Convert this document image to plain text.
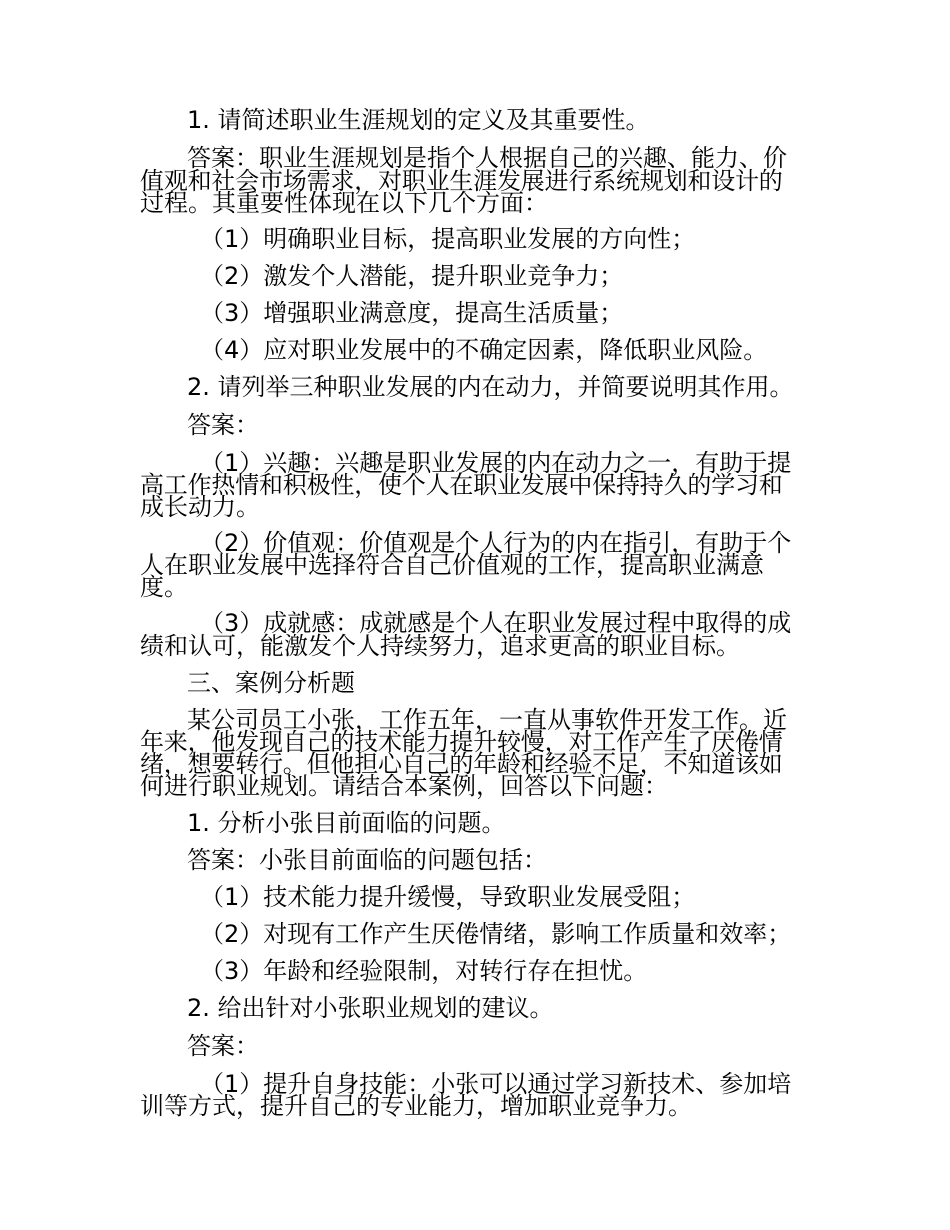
1. 请简述职业生涯规划的定义及其重要性。

答案：职业生涯规划是指个人根据自己的兴趣、能力、价

值观和社会市场需求，对职业生涯发展进行系统规划和设计的

过程。其重要性体现在以下几个方面：

（1）明确职业目标，提高职业发展的方向性；

（2）激发个人潜能，提升职业竞争力；

（3）增强职业满意度，提高生活质量；

（4）应对职业发展中的不确定因素，降低职业风险。

2. 请列举三种职业发展的内在动力，并简要说明其作用。

答案：

（1）兴趣：兴趣是职业发展的内在动力之一，有助于提

高工作热情和积极性，使个人在职业发展中保持持久的学习和

成长动力。

（2）价值观：价值观是个人行为的内在指引，有助于个

人在职业发展中选择符合自己价值观的工作，提高职业满意

度。

（3）成就感：成就感是个人在职业发展过程中取得的成

绩和认可，能激发个人持续努力，追求更高的职业目标。

三、案例分析题

某公司员工小张，工作五年，一直从事软件开发工作。近

年来，他发现自己的技术能力提升较慢，对工作产生了厌倦情

绪，想要转行。但他担心自己的年龄和经验不足，不知道该如

何进行职业规划。请结合本案例，回答以下问题：

1. 分析小张目前面临的问题。

答案：小张目前面临的问题包括：

（1）技术能力提升缓慢，导致职业发展受阻；

（2）对现有工作产生厌倦情绪，影响工作质量和效率；

（3）年龄和经验限制，对转行存在担忧。

2. 给出针对小张职业规划的建议。

答案：

（1）提升自身技能：小张可以通过学习新技术、参加培

训等方式，提升自己的专业能力，增加职业竞争力。
